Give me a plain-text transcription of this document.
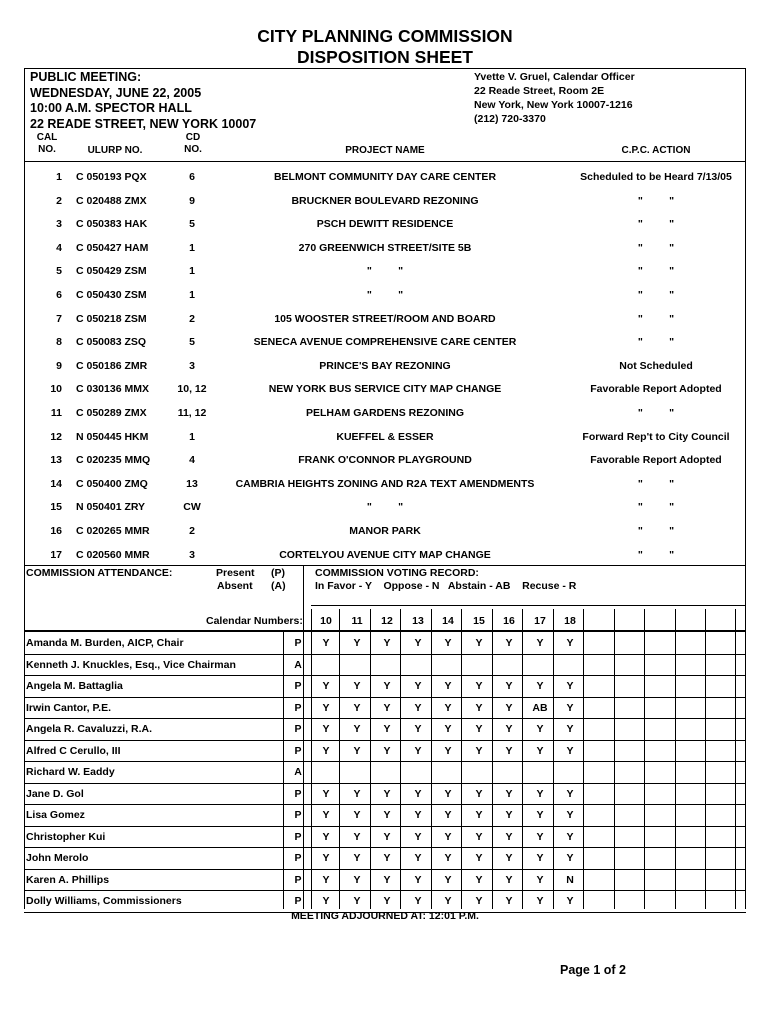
CITY PLANNING COMMISSION
DISPOSITION SHEET
PUBLIC MEETING:
WEDNESDAY, JUNE 22, 2005
10:00 A.M. SPECTOR HALL
22 READE STREET, NEW YORK 10007
Yvette V. Gruel, Calendar Officer
22 Reade Street, Room 2E
New York, New York 10007-1216
(212) 720-3370
CAL
NO.	ULURP NO.
CD
NO.	PROJECT NAME	C.P.C. ACTION
1 C 050193 PQX	6	BELMONT COMMUNITY DAY CARE CENTER	Scheduled to be Heard 7/13/05
2 C 020488 ZMX	9	BRUCKNER BOULEVARD REZONING	"         "
3 C 050383 HAK	5	PSCH DEWITT RESIDENCE	"         "
4 C 050427 HAM	1	270 GREENWICH STREET/SITE 5B	"         "
5 C 050429 ZSM	1	"         "	"         "
6 C 050430 ZSM	1	"         "	"         "
7 C 050218 ZSM	2	105 WOOSTER STREET/ROOM AND BOARD	"         "
8 C 050083 ZSQ	5	SENECA AVENUE COMPREHENSIVE CARE CENTER	"         "
9 C 050186 ZMR	3	PRINCE'S BAY REZONING	Not Scheduled
10 C 030136 MMX	10, 12	NEW YORK BUS SERVICE CITY MAP CHANGE	Favorable Report Adopted
11 C 050289 ZMX	11, 12	PELHAM GARDENS REZONING	"         "
12 N 050445 HKM	1	KUEFFEL & ESSER	Forward Rep't to City Council
13 C 020235 MMQ	4	FRANK O'CONNOR PLAYGROUND	Favorable Report Adopted
14 C 050400 ZMQ	13	CAMBRIA HEIGHTS ZONING AND R2A TEXT AMENDMENTS	"         "
15 N 050401 ZRY	CW	"         "	"         "
16 C 020265 MMR	2	MANOR PARK	"         "
17 C 020560 MMR	3	CORTELYOU AVENUE CITY MAP CHANGE	"         "
COMMISSION ATTENDANCE:	Present (P)
Absent (A)
COMMISSION VOTING RECORD:
In Favor - Y    Oppose - N   Abstain - AB    Recuse - R
Calendar Numbers:	10	11	12	13	14	15	16	17	18
Amanda M. Burden, AICP, Chair	P	Y	Y	Y	Y	Y	Y	Y	Y	Y
Kenneth J. Knuckles, Esq., Vice Chairman	A
Angela M. Battaglia	P	Y	Y	Y	Y	Y	Y	Y	Y	Y
Irwin Cantor, P.E.	P	Y	Y	Y	Y	Y	Y	Y	AB	Y
Angela R. Cavaluzzi, R.A.	P	Y	Y	Y	Y	Y	Y	Y	Y	Y
Alfred C Cerullo, III	P	Y	Y	Y	Y	Y	Y	Y	Y	Y
Richard W. Eaddy	A
Jane D. Gol	P	Y	Y	Y	Y	Y	Y	Y	Y	Y
Lisa Gomez	P	Y	Y	Y	Y	Y	Y	Y	Y	Y
Christopher Kui	P	Y	Y	Y	Y	Y	Y	Y	Y	Y
John Merolo	P	Y	Y	Y	Y	Y	Y	Y	Y	Y
Karen A. Phillips	P	Y	Y	Y	Y	Y	Y	Y	Y	N
Dolly Williams, Commissioners	P	Y	Y	Y	Y	Y	Y	Y	Y	Y
MEETING ADJOURNED AT: 12:01 P.M.
Page 1 of 2
